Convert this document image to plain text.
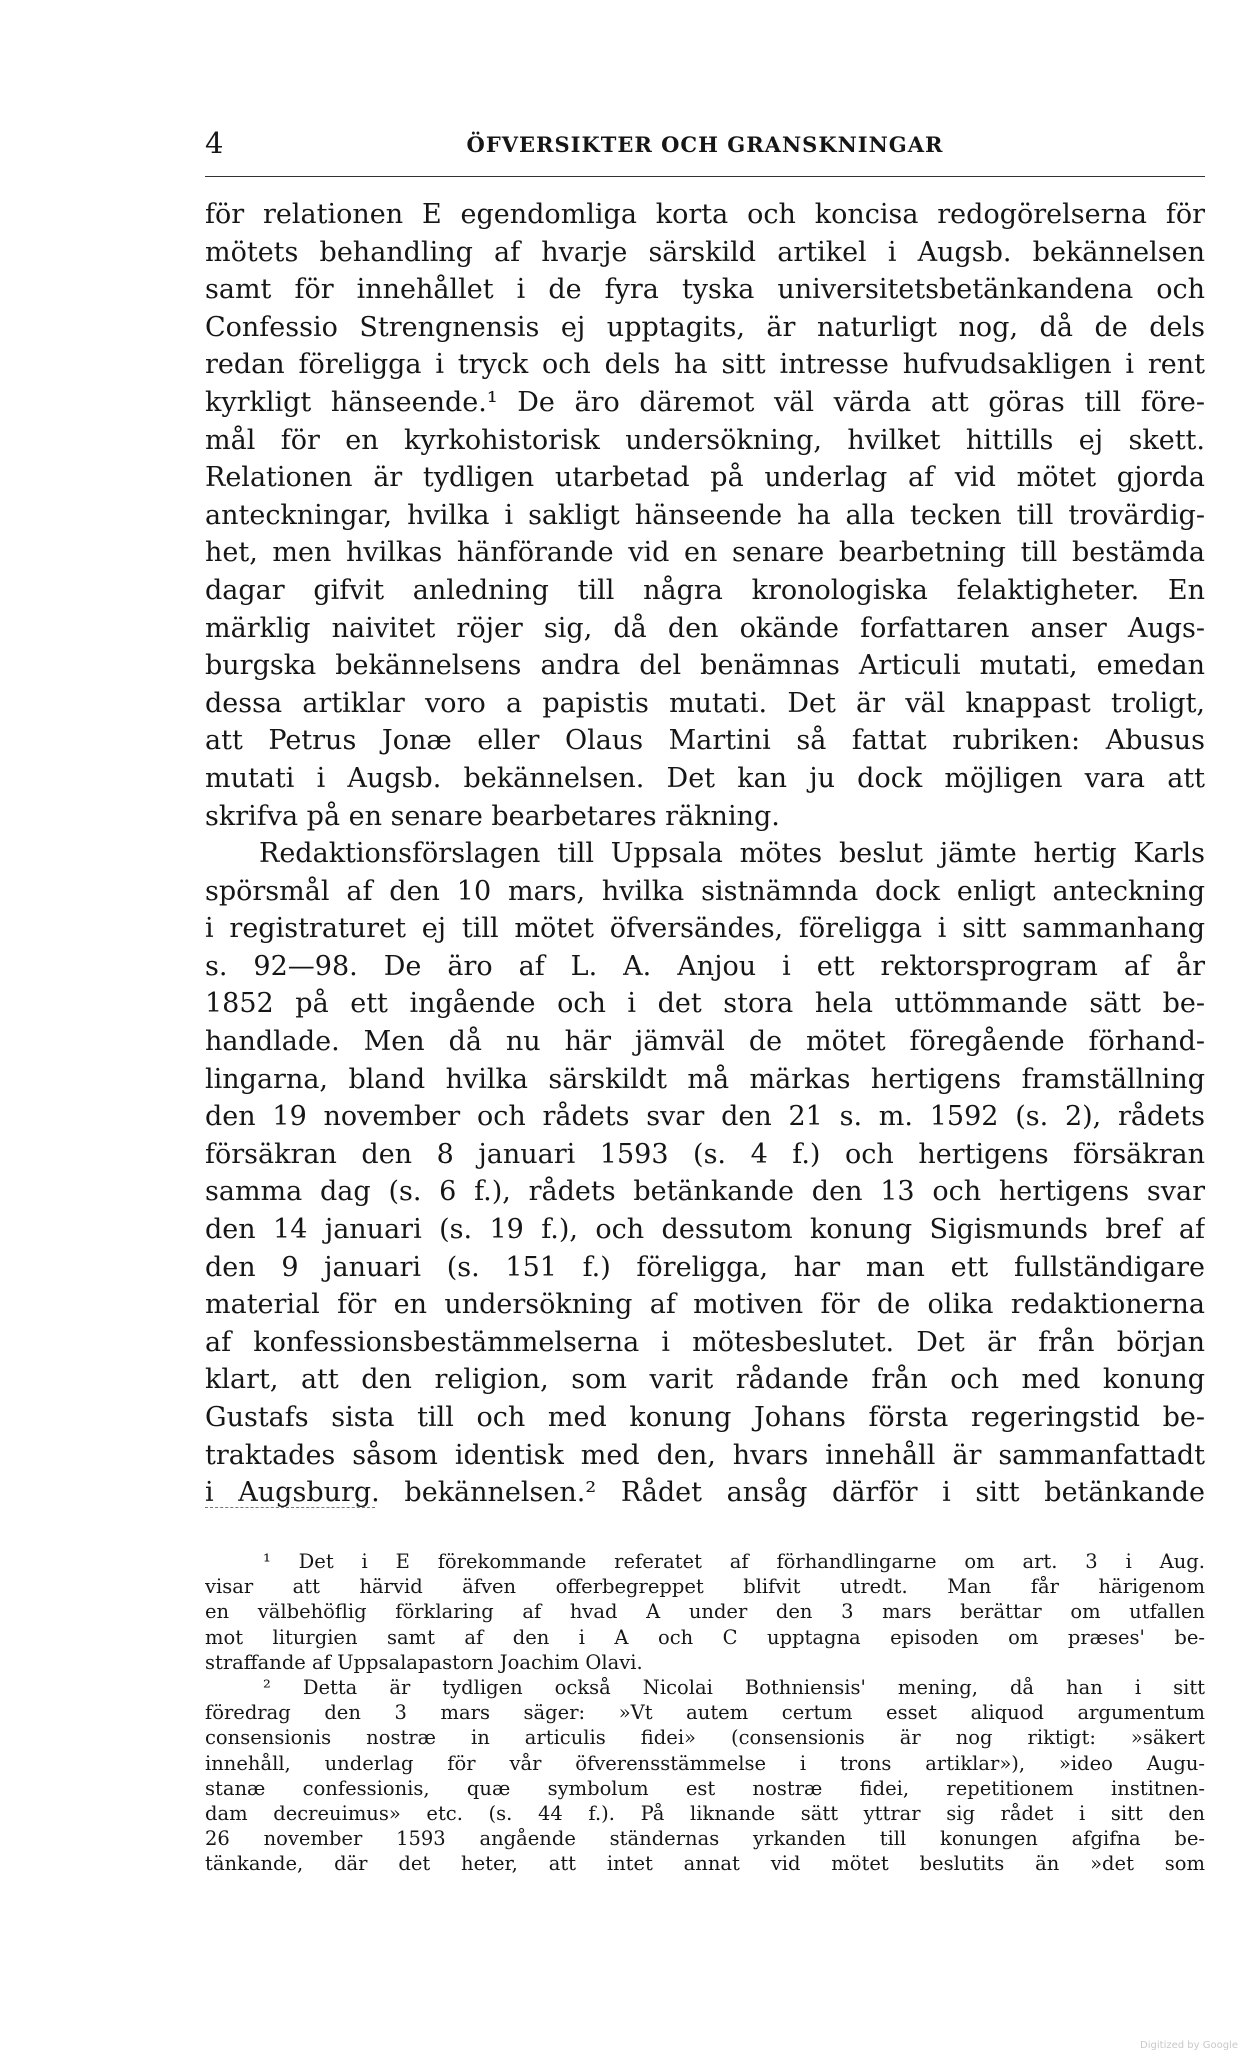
4	ÖFVERSIKTER OCH GRANSKNINGAR
för relationen E egendomliga korta och koncisa redogörelserna för
mötets behandling af hvarje särskild artikel i Augsb. bekännelsen
samt för innehållet i de fyra tyska universitetsbetänkandena och
Confessio Strengnensis ej upptagits, är naturligt nog, då de dels
redan föreligga i tryck och dels ha sitt intresse hufvudsakligen i rent
kyrkligt hänseende.¹ De äro däremot väl värda att göras till före-
mål för en kyrkohistorisk undersökning, hvilket hittills ej skett.
Relationen är tydligen utarbetad på underlag af vid mötet gjorda
anteckningar, hvilka i sakligt hänseende ha alla tecken till trovärdig-
het, men hvilkas hänförande vid en senare bearbetning till bestämda
dagar gifvit anledning till några kronologiska felaktigheter. En
märklig naivitet röjer sig, då den okände forfattaren anser Augs-
burgska bekännelsens andra del benämnas Articuli mutati, emedan
dessa artiklar voro a papistis mutati. Det är väl knappast troligt,
att Petrus Jonæ eller Olaus Martini så fattat rubriken: Abusus
mutati i Augsb. bekännelsen. Det kan ju dock möjligen vara att
skrifva på en senare bearbetares räkning.
Redaktionsförslagen till Uppsala mötes beslut jämte hertig Karls
spörsmål af den 10 mars, hvilka sistnämnda dock enligt anteckning
i registraturet ej till mötet öfversändes, föreligga i sitt sammanhang
s. 92—98. De äro af L. A. Anjou i ett rektorsprogram af år
1852 på ett ingående och i det stora hela uttömmande sätt be-
handlade. Men då nu här jämväl de mötet föregående förhand-
lingarna, bland hvilka särskildt må märkas hertigens framställning
den 19 november och rådets svar den 21 s. m. 1592 (s. 2), rådets
försäkran den 8 januari 1593 (s. 4 f.) och hertigens försäkran
samma dag (s. 6 f.), rådets betänkande den 13 och hertigens svar
den 14 januari (s. 19 f.), och dessutom konung Sigismunds bref af
den 9 januari (s. 151 f.) föreligga, har man ett fullständigare
material för en undersökning af motiven för de olika redaktionerna
af konfessionsbestämmelserna i mötesbeslutet. Det är från början
klart, att den religion, som varit rådande från och med konung
Gustafs sista till och med konung Johans första regeringstid be-
traktades såsom identisk med den, hvars innehåll är sammanfattadt
i Augsburg. bekännelsen.² Rådet ansåg därför i sitt betänkande
¹ Det i E förekommande referatet af förhandlingarne om art. 3 i Aug.
visar att härvid äfven offerbegreppet blifvit utredt. Man får härigenom
en välbehöflig förklaring af hvad A under den 3 mars berättar om utfallen
mot liturgien samt af den i A och C upptagna episoden om præses' be-
straffande af Uppsalapastorn Joachim Olavi.
² Detta är tydligen också Nicolai Bothniensis' mening, då han i sitt
föredrag den 3 mars säger: »Vt autem certum esset aliquod argumentum
consensionis nostræ in articulis fidei» (consensionis är nog riktigt: »säkert
innehåll, underlag för vår öfverensstämmelse i trons artiklar»), »ideo Augu-
stanæ confessionis, quæ symbolum est nostræ fidei, repetitionem institnen-
dam decreuimus» etc. (s. 44 f.). På liknande sätt yttrar sig rådet i sitt den
26 november 1593 angående ständernas yrkanden till konungen afgifna be-
tänkande, där det heter, att intet annat vid mötet beslutits än »det som
Digitized by Google
